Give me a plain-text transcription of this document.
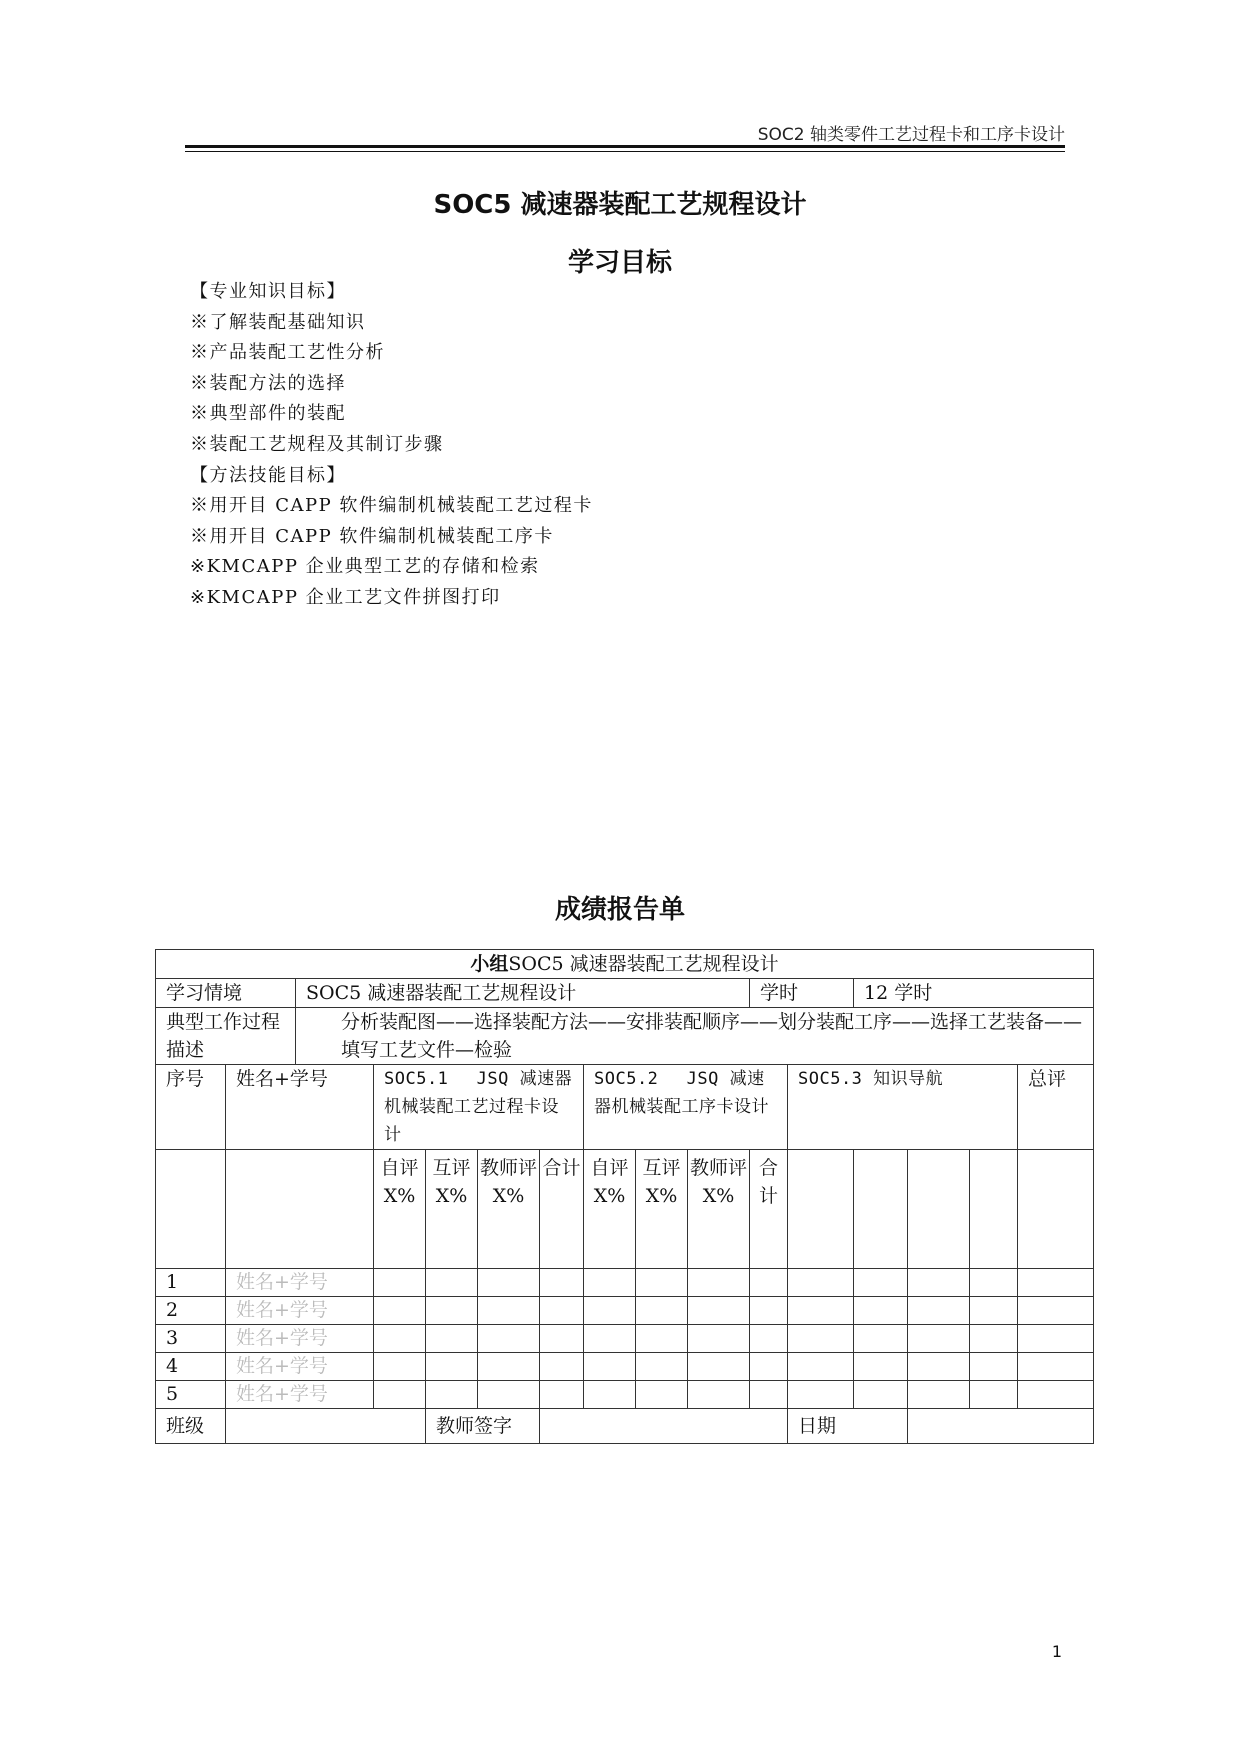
SOC2 轴类零件工艺过程卡和工序卡设计
SOC5 减速器装配工艺规程设计
学习目标
【专业知识目标】
※了解装配基础知识
※产品装配工艺性分析
※装配方法的选择
※典型部件的装配
※装配工艺规程及其制订步骤
【方法技能目标】
※用开目 CAPP 软件编制机械装配工艺过程卡
※用开目 CAPP 软件编制机械装配工序卡
※KMCAPP 企业典型工艺的存储和检索
※KMCAPP 企业工艺文件拼图打印
成绩报告单
小组SOC5 减速器装配工艺规程设计															
学习情境		SOC5 减速器装配工艺规程设计								学时		12 学时			
典型工作过程描述		分析装配图——选择装配方法——安排装配顺序——划分装配工序——选择工艺装备——填写工艺文件—检验													
序号	姓名+学号		SOC5.1　 JSQ 减速器机械装配工艺过程卡设计				SOC5.2　 JSQ 减速器机械装配工序卡设计				SOC5.3 知识导航				总评
			自评X%	互评X%	教师评X%	合计	自评X%	互评X%	教师评X%	合计					
1	姓名+学号														
2	姓名+学号														
3	姓名+学号														
4	姓名+学号														
5	姓名+学号														
班级				教师签字							日期				
1
